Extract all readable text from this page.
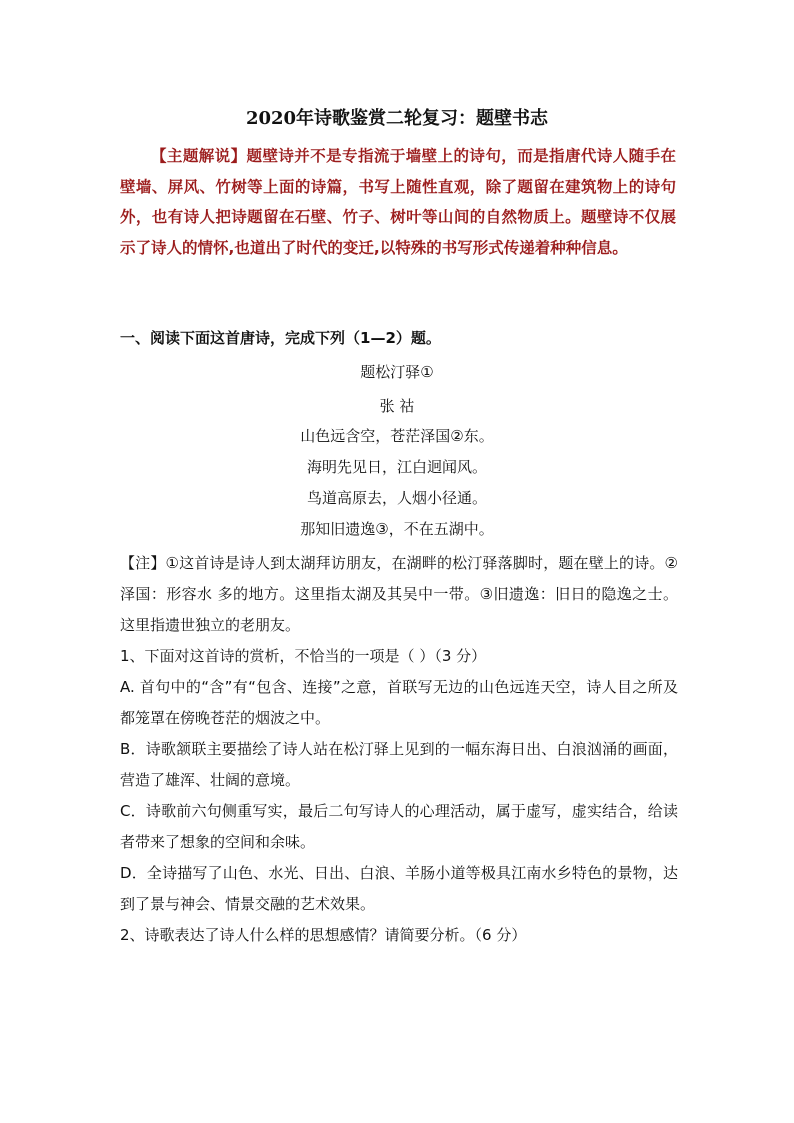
2020年诗歌鉴赏二轮复习：题壁书志

【主题解说】题壁诗并不是专指流于墙壁上的诗句，而是指唐代诗人随手在壁墙、屏风、竹树等上面的诗篇，书写上随性直观，除了题留在建筑物上的诗句外，也有诗人把诗题留在石壁、竹子、树叶等山间的自然物质上。题壁诗不仅展示了诗人的情怀,也道出了时代的变迁,以特殊的书写形式传递着种种信息。

一、阅读下面这首唐诗，完成下列（1—2）题。
题松汀驿①
张 祜
山色远含空，苍茫泽国②东。
海明先见日，江白迥闻风。
鸟道高原去，人烟小径通。
那知旧遗逸③，不在五湖中。

【注】①这首诗是诗人到太湖拜访朋友，在湖畔的松汀驿落脚时，题在壁上的诗。②泽国：形容水 多的地方。这里指太湖及其吴中一带。③旧遗逸：旧日的隐逸之士。这里指遗世独立的老朋友。

1、下面对这首诗的赏析，不恰当的一项是（ ）（3 分）

A. 首句中的“含”有“包含、连接”之意，首联写无边的山色远连天空，诗人目之所及都笼罩在傍晚苍茫的烟波之中。

B．诗歌颔联主要描绘了诗人站在松汀驿上见到的一幅东海日出、白浪汹涌的画面，营造了雄浑、壮阔的意境。

C．诗歌前六句侧重写实，最后二句写诗人的心理活动，属于虚写，虚实结合，给读者带来了想象的空间和余味。

D．全诗描写了山色、水光、日出、白浪、羊肠小道等极具江南水乡特色的景物，达到了景与神会、情景交融的艺术效果。

2、诗歌表达了诗人什么样的思想感情？请简要分析。（6 分）
